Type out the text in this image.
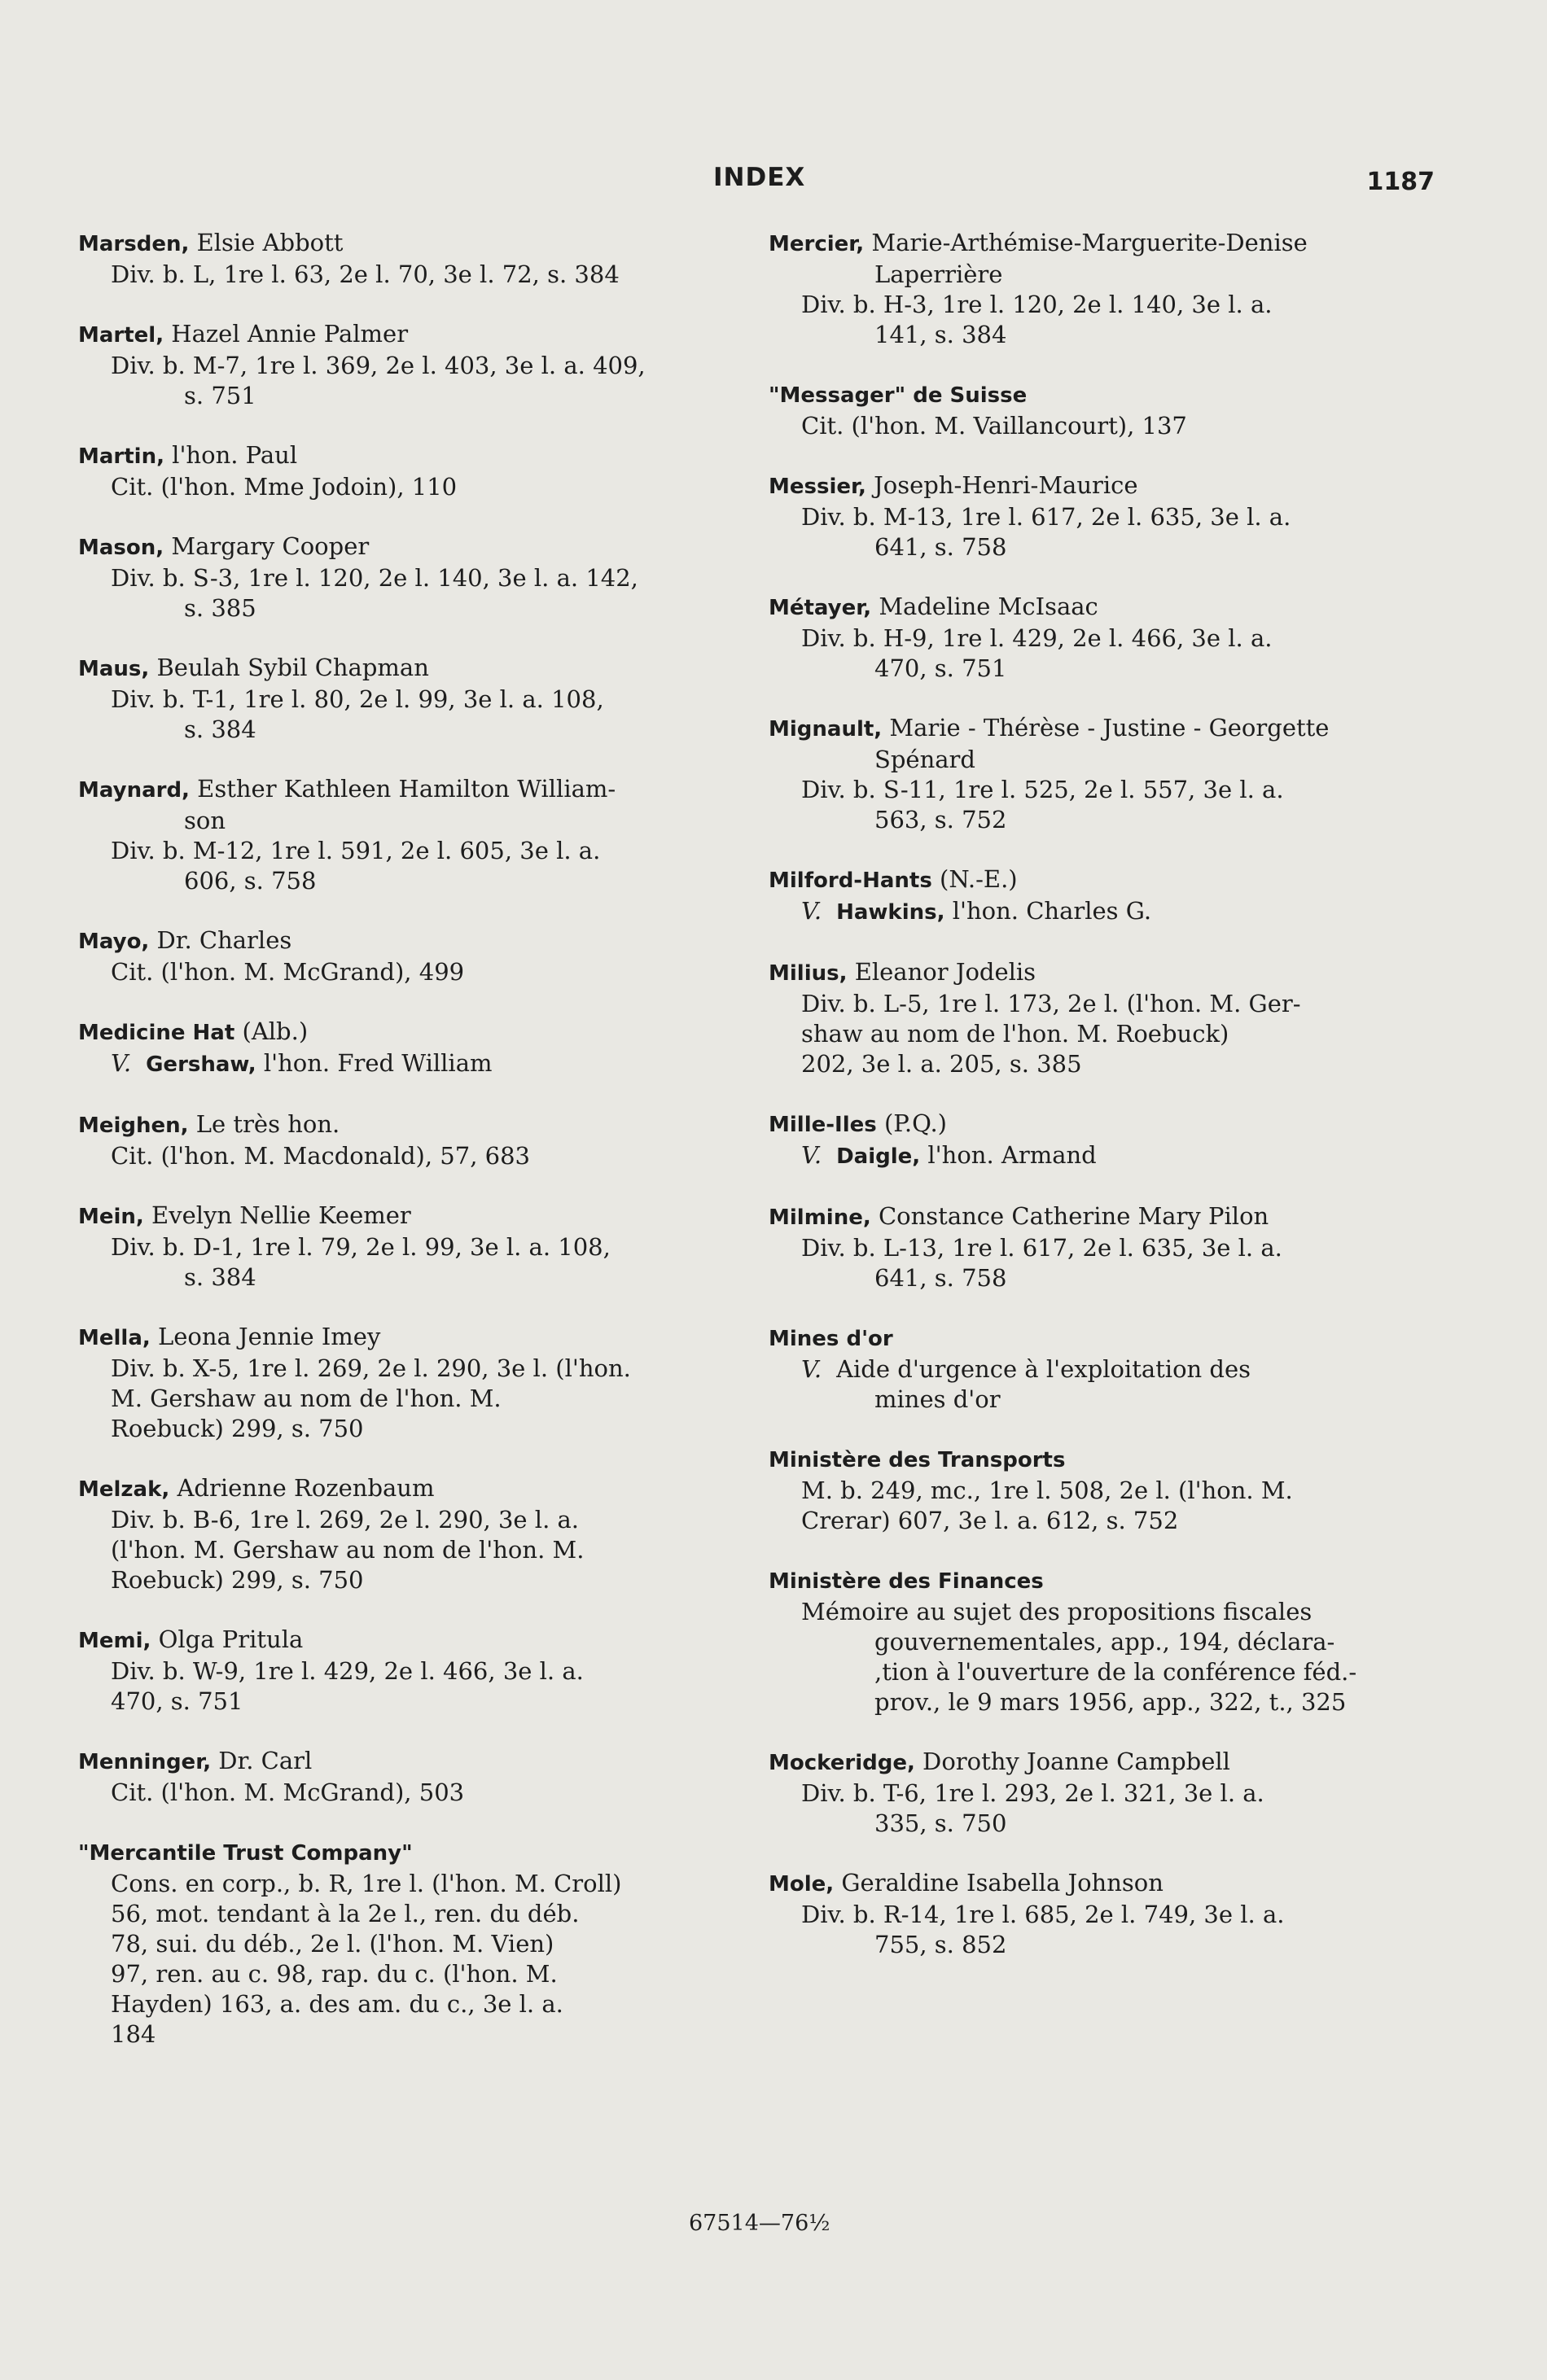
INDEX	1187

Marsden, Elsie Abbott

Div. b. L, 1re l. 63, 2e l. 70, 3e l. 72, s. 384

Martel, Hazel Annie Palmer

Div. b. M-7, 1re l. 369, 2e l. 403, 3e l. a. 409,

s. 751

Martin, l'hon. Paul

Cit. (l'hon. Mme Jodoin), 110

Mason, Margary Cooper

Div. b. S-3, 1re l. 120, 2e l. 140, 3e l. a. 142,

s. 385

Maus, Beulah Sybil Chapman

Div. b. T-1, 1re l. 80, 2e l. 99, 3e l. a. 108,

s. 384

Maynard, Esther Kathleen Hamilton William-

son

Div. b. M-12, 1re l. 591, 2e l. 605, 3e l. a.

606, s. 758

Mayo, Dr. Charles

Cit. (l'hon. M. McGrand), 499

Medicine Hat (Alb.)

V. Gershaw, l'hon. Fred William

Meighen, Le très hon.

Cit. (l'hon. M. Macdonald), 57, 683

Mein, Evelyn Nellie Keemer

Div. b. D-1, 1re l. 79, 2e l. 99, 3e l. a. 108,

s. 384

Mella, Leona Jennie Imey

Div. b. X-5, 1re l. 269, 2e l. 290, 3e l. (l'hon.

M. Gershaw au nom de l'hon. M.

Roebuck) 299, s. 750

Melzak, Adrienne Rozenbaum

Div. b. B-6, 1re l. 269, 2e l. 290, 3e l. a.

(l'hon. M. Gershaw au nom de l'hon. M.

Roebuck) 299, s. 750

Memi, Olga Pritula

Div. b. W-9, 1re l. 429, 2e l. 466, 3e l. a.

470, s. 751

Menninger, Dr. Carl

Cit. (l'hon. M. McGrand), 503

"Mercantile Trust Company"

Cons. en corp., b. R, 1re l. (l'hon. M. Croll)

56, mot. tendant à la 2e l., ren. du déb.

78, sui. du déb., 2e l. (l'hon. M. Vien)

97, ren. au c. 98, rap. du c. (l'hon. M.

Hayden) 163, a. des am. du c., 3e l. a.

184

Mercier, Marie-Arthémise-Marguerite-Denise

Laperrière

Div. b. H-3, 1re l. 120, 2e l. 140, 3e l. a.

141, s. 384

"Messager" de Suisse

Cit. (l'hon. M. Vaillancourt), 137

Messier, Joseph-Henri-Maurice

Div. b. M-13, 1re l. 617, 2e l. 635, 3e l. a.

641, s. 758

Métayer, Madeline McIsaac

Div. b. H-9, 1re l. 429, 2e l. 466, 3e l. a.

470, s. 751

Mignault, Marie - Thérèse - Justine - Georgette

Spénard

Div. b. S-11, 1re l. 525, 2e l. 557, 3e l. a.

563, s. 752

Milford-Hants (N.-E.)

V. Hawkins, l'hon. Charles G.

Milius, Eleanor Jodelis

Div. b. L-5, 1re l. 173, 2e l. (l'hon. M. Ger-

shaw au nom de l'hon. M. Roebuck)

202, 3e l. a. 205, s. 385

Mille-Iles (P.Q.)

V. Daigle, l'hon. Armand

Milmine, Constance Catherine Mary Pilon

Div. b. L-13, 1re l. 617, 2e l. 635, 3e l. a.

641, s. 758

Mines d'or

V. Aide d'urgence à l'exploitation des

mines d'or

Ministère des Transports

M. b. 249, mc., 1re l. 508, 2e l. (l'hon. M.

Crerar) 607, 3e l. a. 612, s. 752

Ministère des Finances

Mémoire au sujet des propositions fiscales

gouvernementales, app., 194, déclara-

,tion à l'ouverture de la conférence féd.-

prov., le 9 mars 1956, app., 322, t., 325

Mockeridge, Dorothy Joanne Campbell

Div. b. T-6, 1re l. 293, 2e l. 321, 3e l. a.

335, s. 750

Mole, Geraldine Isabella Johnson

Div. b. R-14, 1re l. 685, 2e l. 749, 3e l. a.

755, s. 852

67514—76½
